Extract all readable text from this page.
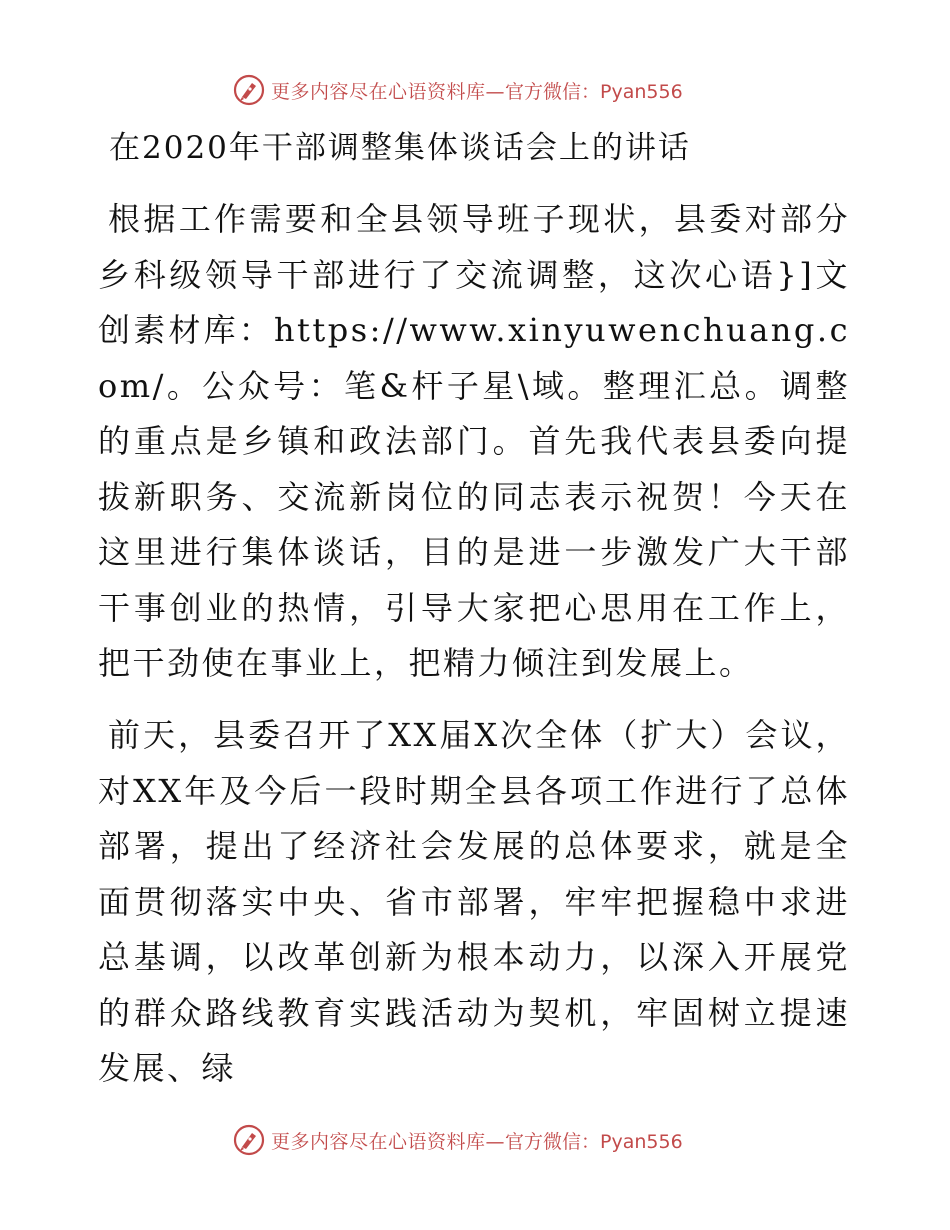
更多内容尽在心语资料库— 官方微信：Pyan556
在2020年干部调整集体谈话会上的讲话
根据工作需要和全县领导班子现状，县委对部分乡科级领导干部进行了交流调整，这次心语}]文创素材库：https://www.xinyuwenchuang.com/。公众号：笔&杆子星\域。整理汇总。调整的重点是乡镇和政法部门。首先我代表县委向提拔新职务、交流新岗位的同志表示祝贺！今天在这里进行集体谈话，目的是进一步激发广大干部干事创业的热情，引导大家把心思用在工作上，把干劲使在事业上，把精力倾注到发展上。
前天，县委召开了XX届X次全体（扩大）会议，对XX年及今后一段时期全县各项工作进行了总体部署，提出了经济社会发展的总体要求，就是全面贯彻落实中央、省市部署，牢牢把握稳中求进总基调，以改革创新为根本动力，以深入开展党的群众路线教育实践活动为契机，牢固树立提速发展、绿
更多内容尽在心语资料库— 官方微信：Pyan556
